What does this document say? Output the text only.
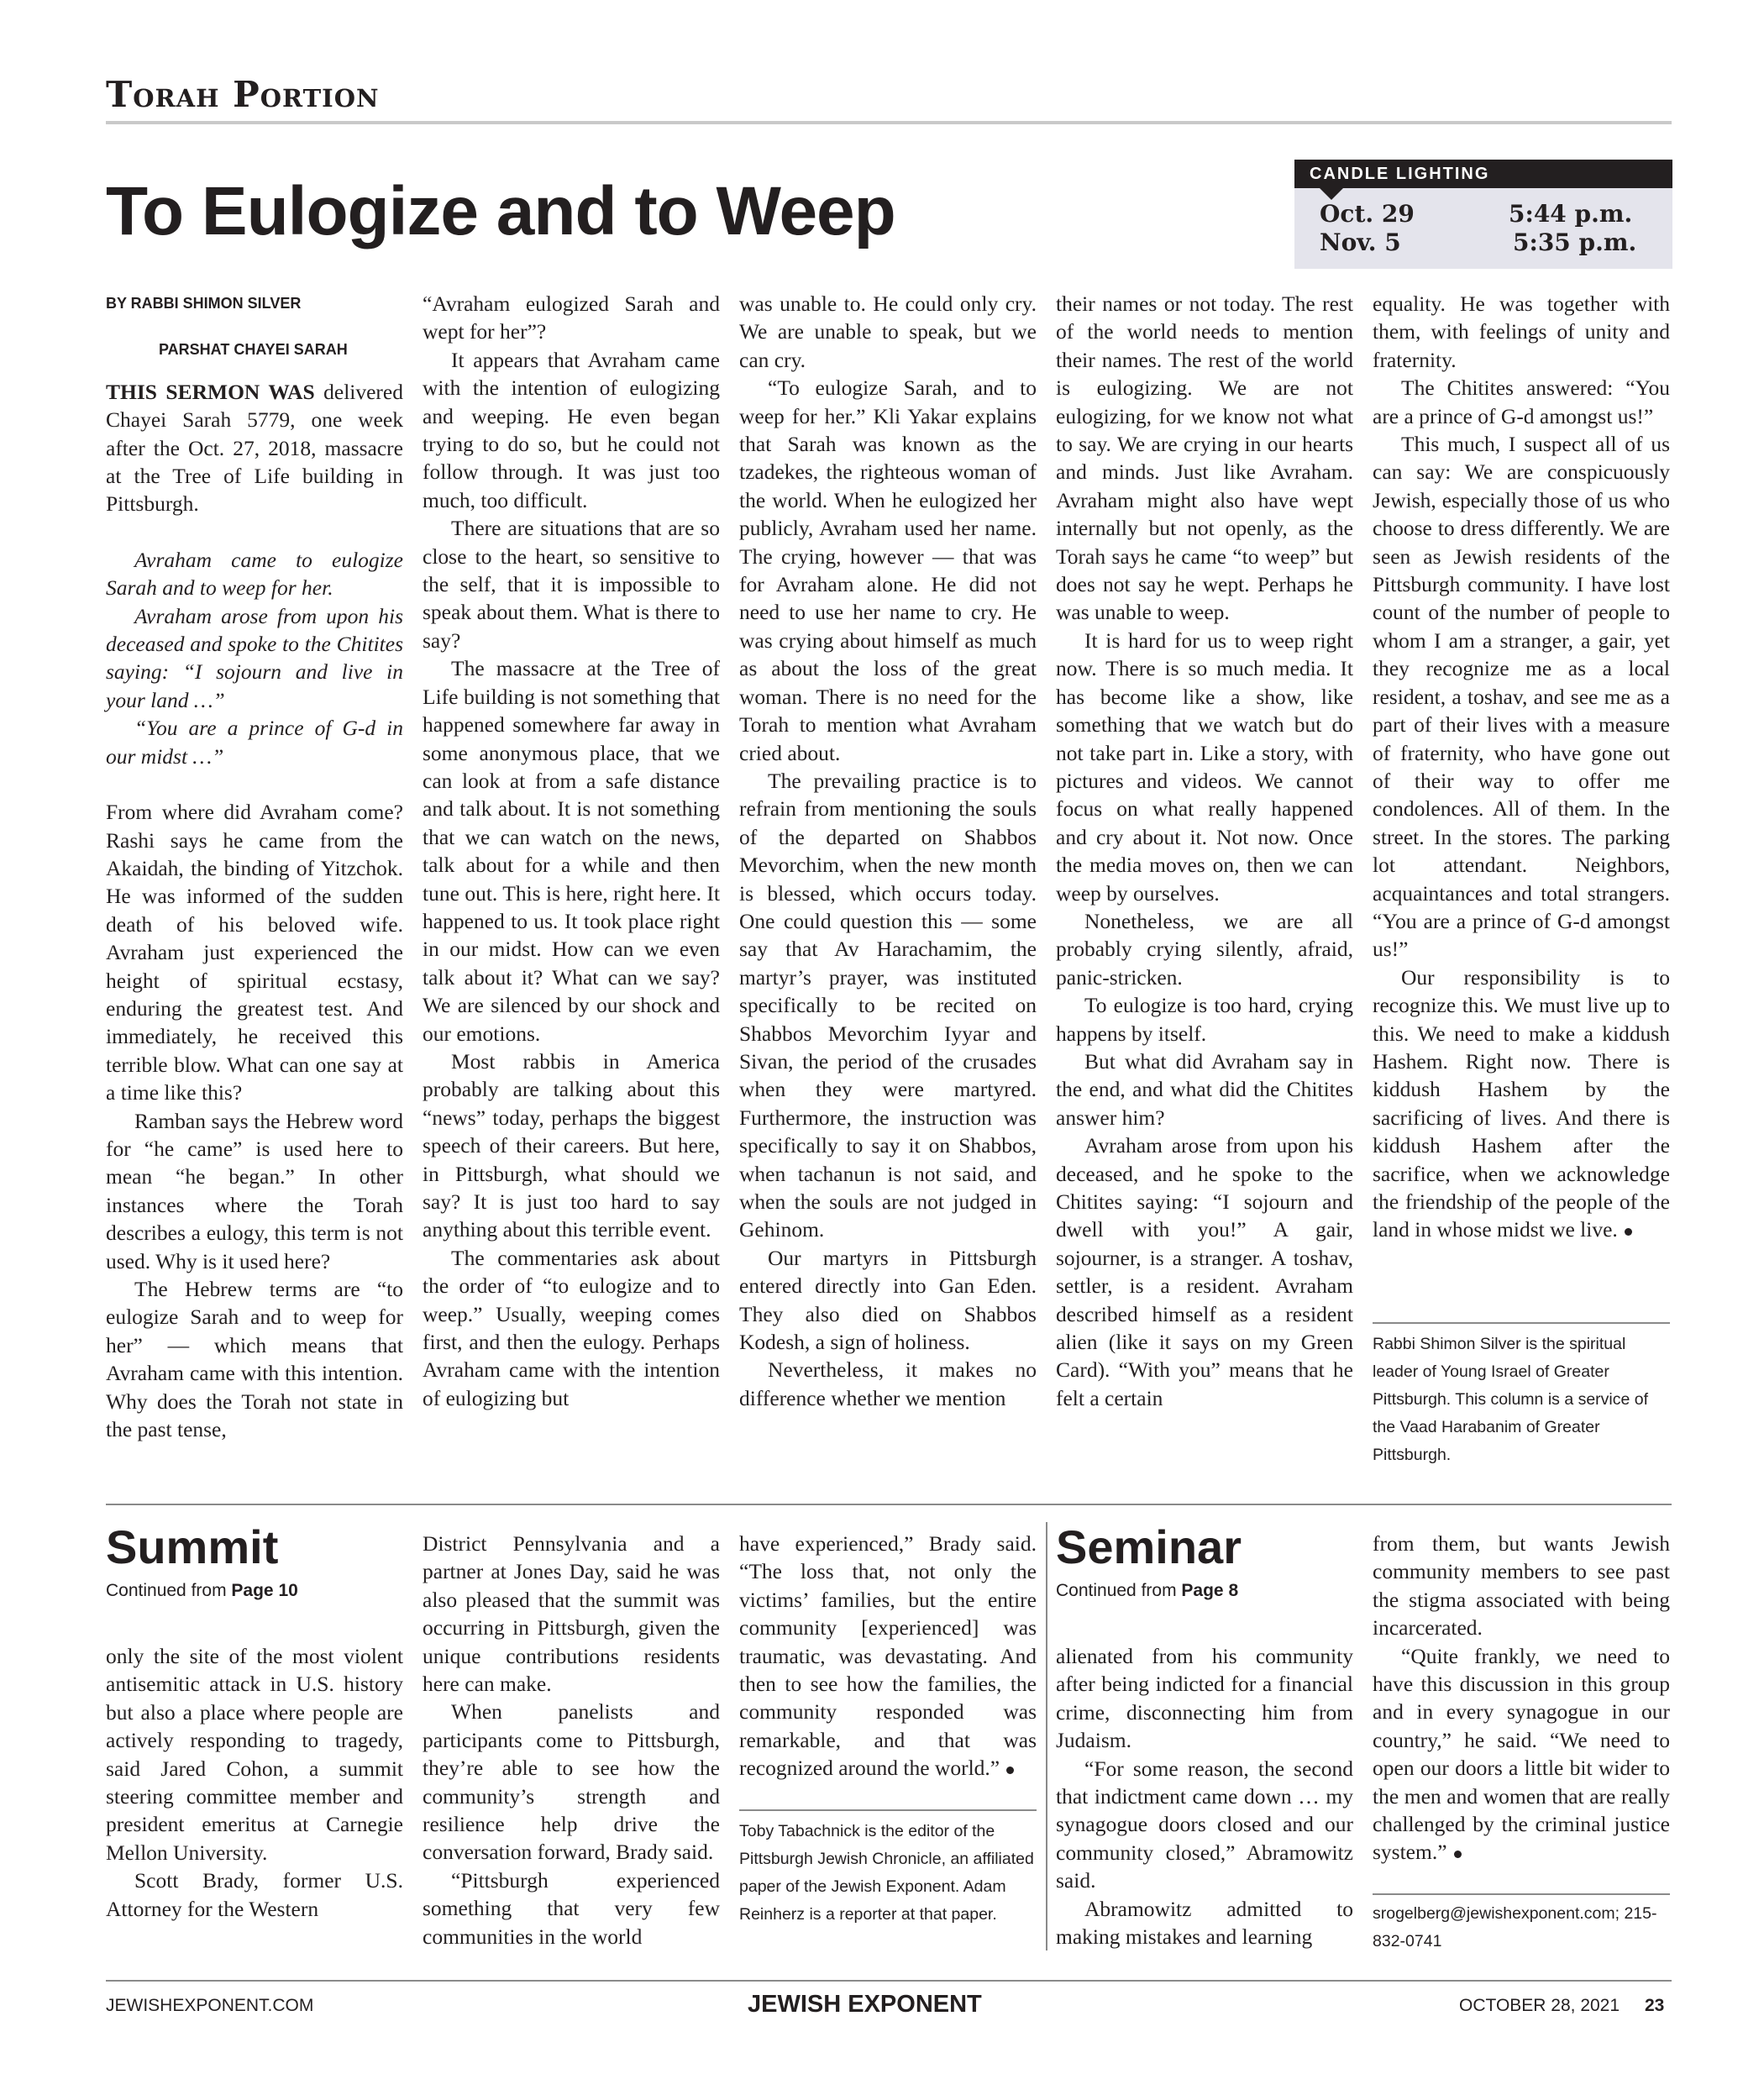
Torah Portion
To Eulogize and to Weep	CANDLE LIGHTING
Oct. 29	5:44 p.m.
Nov. 5	5:35 p.m.
BY RABBI SHIMON SILVER
PARSHAT CHAYEI SARAH

THIS SERMON WAS delivered Chayei Sarah 5779, one week after the Oct. 27, 2018, massacre at the Tree of Life building in Pittsburgh.

Avraham came to eulogize Sarah and to weep for her.

Avraham arose from upon his deceased and spoke to the Chitites saying: “I sojourn and live in your land …”

“You are a prince of G-d in our midst …”

From where did Avraham come? Rashi says he came from the Akaidah, the binding of Yitzchok. He was informed of the sudden death of his beloved wife. Avraham just experienced the height of spiritual ecstasy, enduring the greatest test. And immediately, he received this terrible blow. What can one say at a time like this?

Ramban says the Hebrew word for “he came” is used here to mean “he began.” In other instances where the Torah describes a eulogy, this term is not used. Why is it used here?

The Hebrew terms are “to eulogize Sarah and to weep for her” — which means that Avraham came with this intention. Why does the Torah not state in the past tense,

“Avraham eulogized Sarah and wept for her”?

It appears that Avraham came with the intention of eulogizing and weeping. He even began trying to do so, but he could not follow through. It was just too much, too difficult.

There are situations that are so close to the heart, so sensitive to the self, that it is impossible to speak about them. What is there to say?

The massacre at the Tree of Life building is not something that happened somewhere far away in some anonymous place, that we can look at from a safe distance and talk about. It is not something that we can watch on the news, talk about for a while and then tune out. This is here, right here. It happened to us. It took place right in our midst. How can we even talk about it? What can we say? We are silenced by our shock and our emotions.

Most rabbis in America probably are talking about this “news” today, perhaps the biggest speech of their careers. But here, in Pittsburgh, what should we say? It is just too hard to say anything about this terrible event.

The commentaries ask about the order of “to eulogize and to weep.” Usually, weeping comes first, and then the eulogy. Perhaps Avraham came with the intention of eulogizing but

was unable to. He could only cry. We are unable to speak, but we can cry.

“To eulogize Sarah, and to weep for her.” Kli Yakar explains that Sarah was known as the tzadekes, the righteous woman of the world. When he eulogized her publicly, Avraham used her name. The crying, however — that was for Avraham alone. He did not need to use her name to cry. He was crying about himself as much as about the loss of the great woman. There is no need for the Torah to mention what Avraham cried about.

The prevailing practice is to refrain from mentioning the souls of the departed on Shabbos Mevorchim, when the new month is blessed, which occurs today. One could question this — some say that Av Harachamim, the martyr’s prayer, was instituted specifically to be recited on Shabbos Mevorchim Iyyar and Sivan, the period of the crusades when they were martyred. Furthermore, the instruction was specifically to say it on Shabbos, when tachanun is not said, and when the souls are not judged in Gehinom.

Our martyrs in Pittsburgh entered directly into Gan Eden. They also died on Shabbos Kodesh, a sign of holiness.

Nevertheless, it makes no difference whether we mention

their names or not today. The rest of the world needs to mention their names. The rest of the world is eulogizing. We are not eulogizing, for we know not what to say. We are crying in our hearts and minds. Just like Avraham. Avraham might also have wept internally but not openly, as the Torah says he came “to weep” but does not say he wept. Perhaps he was unable to weep.

It is hard for us to weep right now. There is so much media. It has become like a show, like something that we watch but do not take part in. Like a story, with pictures and videos. We cannot focus on what really happened and cry about it. Not now. Once the media moves on, then we can weep by ourselves.

Nonetheless, we are all probably crying silently, afraid, panic-stricken.

To eulogize is too hard, crying happens by itself.

But what did Avraham say in the end, and what did the Chitites answer him?

Avraham arose from upon his deceased, and he spoke to the Chitites saying: “I sojourn and dwell with you!” A gair, sojourner, is a stranger. A toshav, settler, is a resident. Avraham described himself as a resident alien (like it says on my Green Card). “With you” means that he felt a certain

equality. He was together with them, with feelings of unity and fraternity.

The Chitites answered: “You are a prince of G-d amongst us!”

This much, I suspect all of us can say: We are conspicuously Jewish, especially those of us who choose to dress differently. We are seen as Jewish residents of the Pittsburgh community. I have lost count of the number of people to whom I am a stranger, a gair, yet they recognize me as a local resident, a toshav, and see me as a part of their lives with a measure of fraternity, who have gone out of their way to offer me condolences. All of them. In the street. In the stores. The parking lot attendant. Neighbors, acquaintances and total strangers. “You are a prince of G-d amongst us!”

Our responsibility is to recognize this. We must live up to this. We need to make a kiddush Hashem. Right now. There is kiddush Hashem by the sacrificing of lives. And there is kiddush Hashem after the sacrifice, when we acknowledge the friendship of the people of the land in whose midst we live.

Rabbi Shimon Silver is the spiritual leader of Young Israel of Greater Pittsburgh. This column is a service of the Vaad Harabanim of Greater Pittsburgh.
Summit
Continued from Page 10

only the site of the most violent antisemitic attack in U.S. history but also a place where people are actively responding to tragedy, said Jared Cohon, a summit steering committee member and president emeritus at Carnegie Mellon University.

Scott Brady, former U.S. Attorney for the Western

District Pennsylvania and a partner at Jones Day, said he was also pleased that the summit was occurring in Pittsburgh, given the unique contributions residents here can make.

When panelists and participants come to Pittsburgh, they’re able to see how the community’s strength and resilience help drive the conversation forward, Brady said.

“Pittsburgh experienced something that very few communities in the world

have experienced,” Brady said. “The loss that, not only the victims’ families, but the entire community [experienced] was traumatic, was devastating. And then to see how the families, the community responded was remarkable, and that was recognized around the world.”

Toby Tabachnick is the editor of the Pittsburgh Jewish Chronicle, an affiliated paper of the Jewish Exponent. Adam Reinherz is a reporter at that paper.
Seminar
Continued from Page 8

alienated from his community after being indicted for a financial crime, disconnecting him from Judaism.

“For some reason, the second that indictment came down … my synagogue doors closed and our community closed,” Abramowitz said.

Abramowitz admitted to making mistakes and learning

from them, but wants Jewish community members to see past the stigma associated with being incarcerated.

“Quite frankly, we need to have this discussion in this group and in every synagogue in our country,” he said. “We need to open our doors a little bit wider to the men and women that are really challenged by the criminal justice system.”

srogelberg@jewishexponent.com; 215-832-0741
JEWISHEXPONENT.COM	JEWISH EXPONENT	OCTOBER 28, 2021 23
